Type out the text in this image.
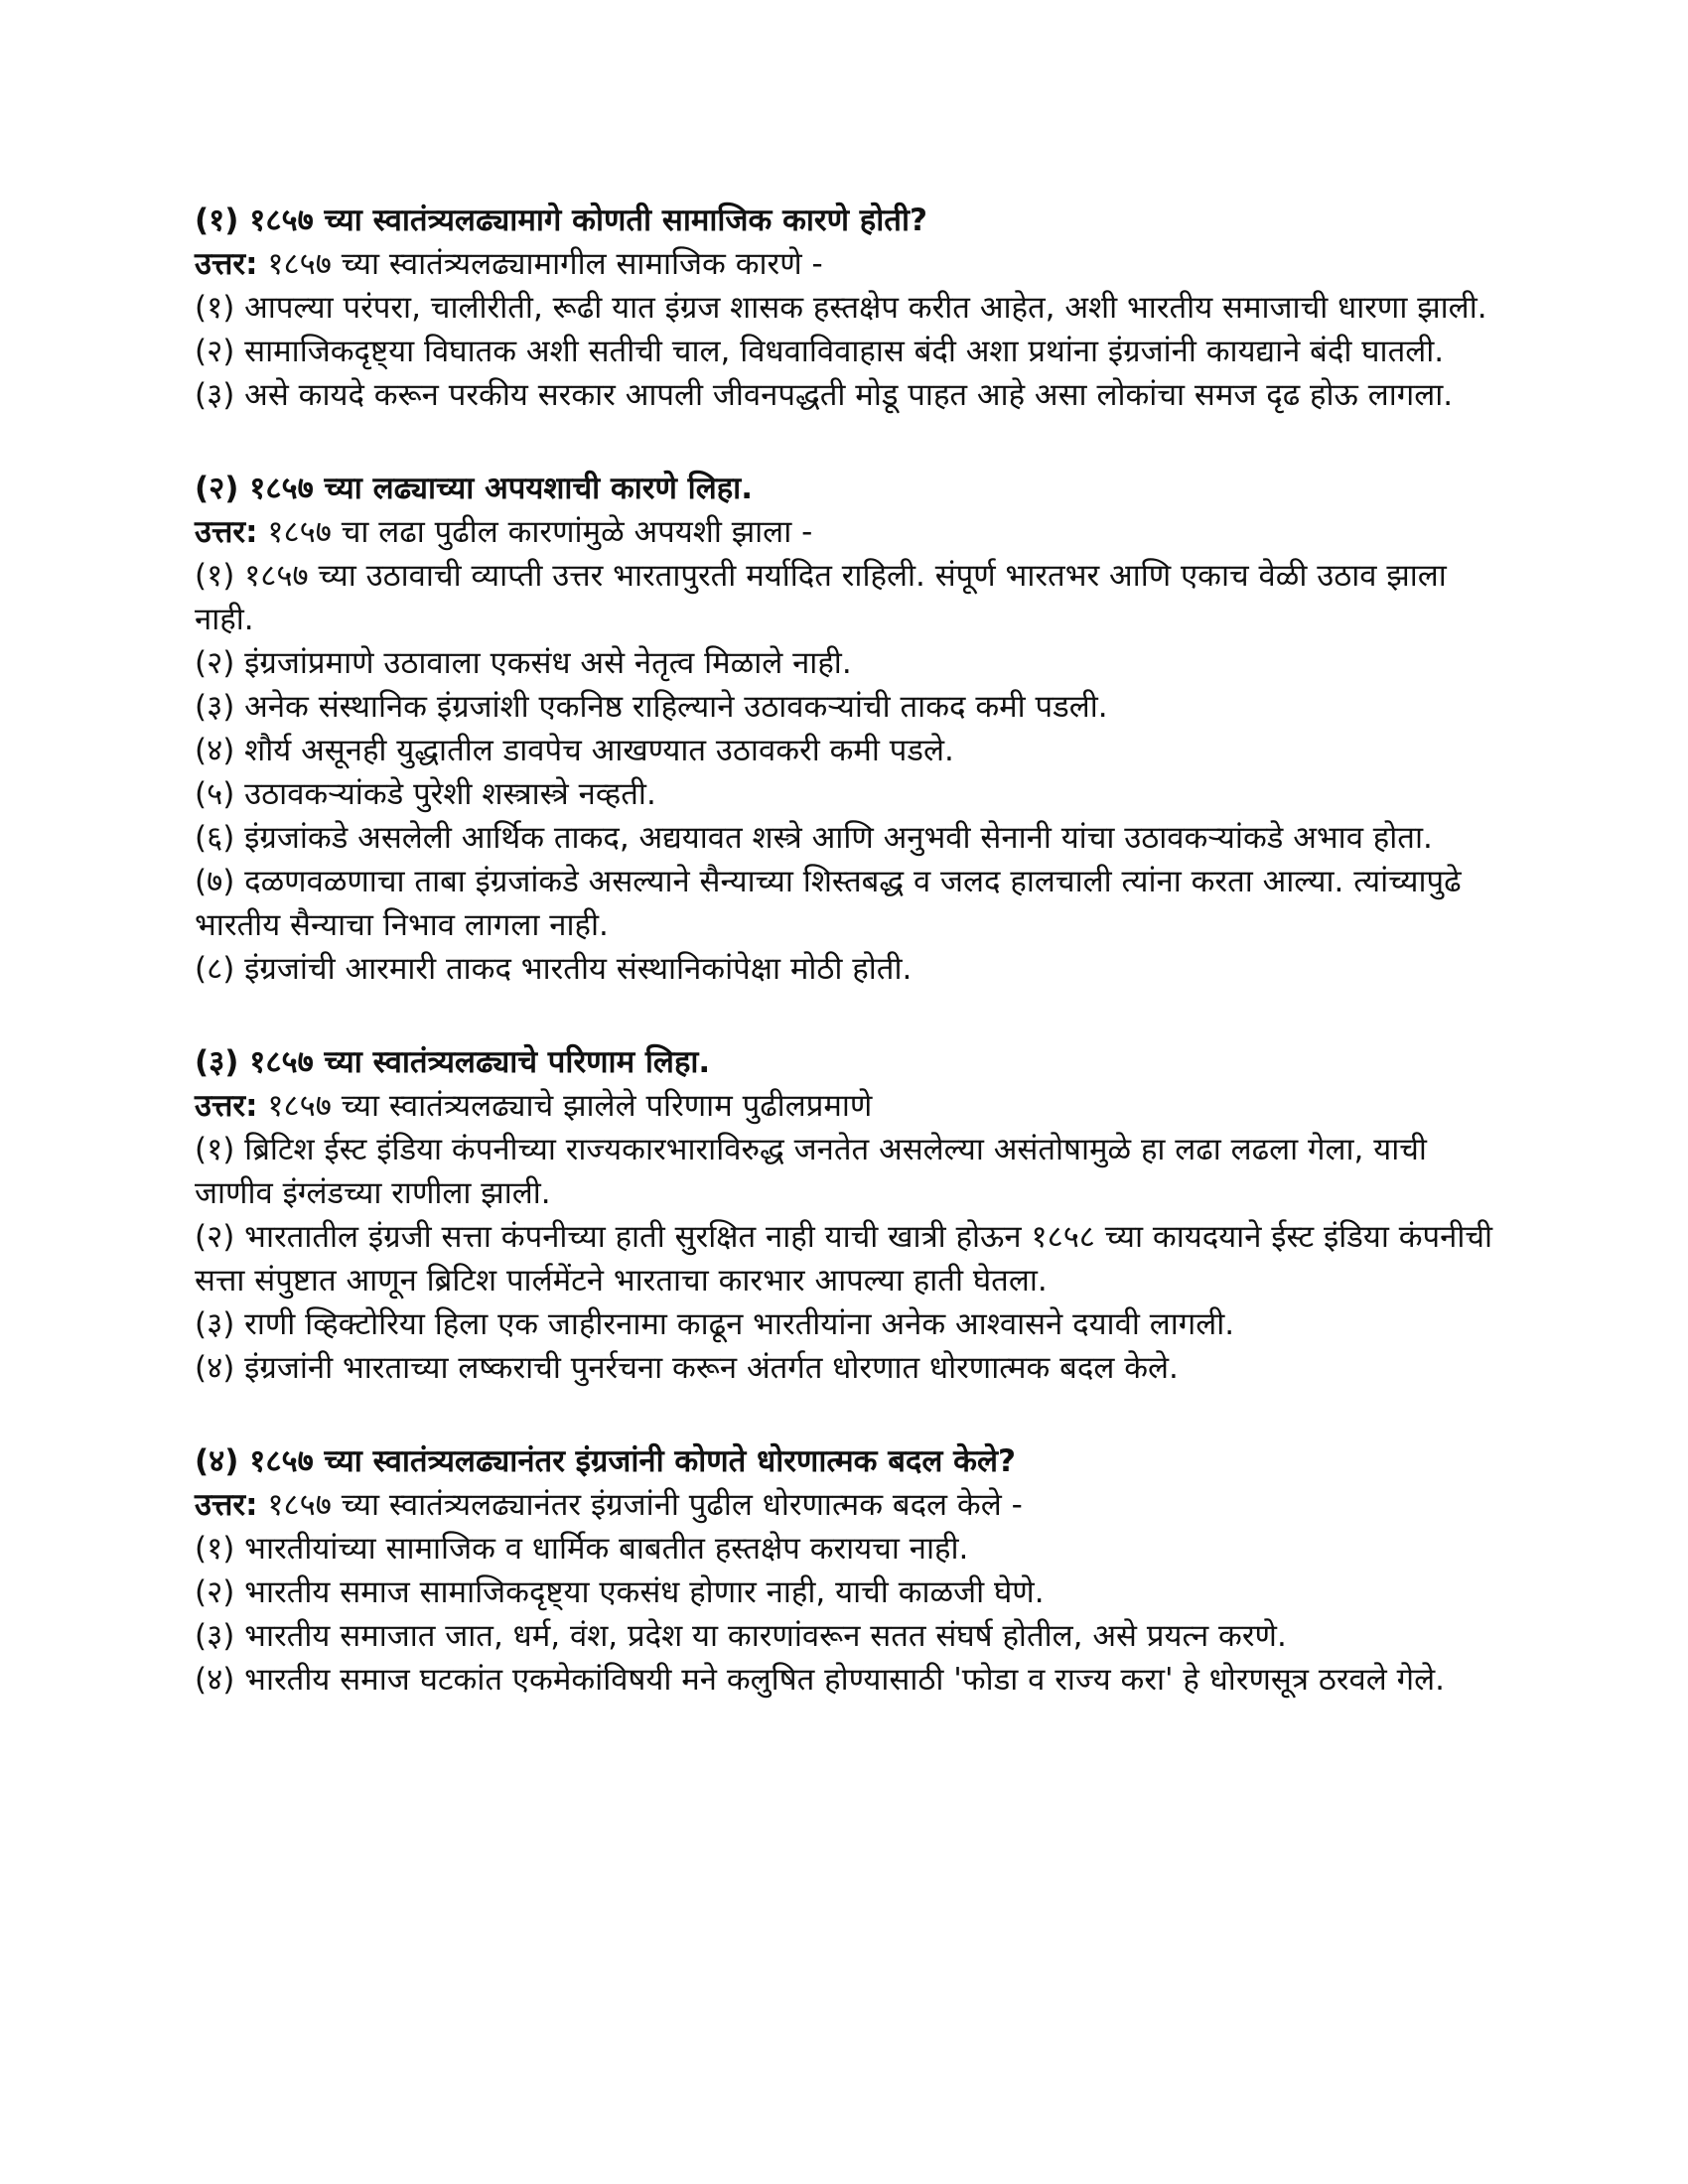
(१) १८५७ च्या स्वातंत्र्यलढ्यामागे कोणती सामाजिक कारणे होती?

उत्तर: १८५७ च्या स्वातंत्र्यलढ्यामागील सामाजिक कारणे -

(१) आपल्या परंपरा, चालीरीती, रूढी यात इंग्रज शासक हस्तक्षेप करीत आहेत, अशी भारतीय समाजाची धारणा झाली.

(२) सामाजिकदृष्ट्या विघातक अशी सतीची चाल, विधवाविवाहास बंदी अशा प्रथांना इंग्रजांनी कायद्याने बंदी घातली.

(३) असे कायदे करून परकीय सरकार आपली जीवनपद्धती मोडू पाहत आहे असा लोकांचा समज दृढ होऊ लागला.

(२) १८५७ च्या लढ्याच्या अपयशाची कारणे लिहा.

उत्तर: १८५७ चा लढा पुढील कारणांमुळे अपयशी झाला -

(१) १८५७ च्या उठावाची व्याप्ती उत्तर भारतापुरती मर्यादित राहिली. संपूर्ण भारतभर आणि एकाच वेळी उठाव झाला नाही.

(२) इंग्रजांप्रमाणे उठावाला एकसंध असे नेतृत्व मिळाले नाही.

(३) अनेक संस्थानिक इंग्रजांशी एकनिष्ठ राहिल्याने उठावकऱ्यांची ताकद कमी पडली.

(४) शौर्य असूनही युद्धातील डावपेच आखण्यात उठावकरी कमी पडले.

(५) उठावकऱ्यांकडे पुरेशी शस्त्रास्त्रे नव्हती.

(६) इंग्रजांकडे असलेली आर्थिक ताकद, अद्ययावत शस्त्रे आणि अनुभवी सेनानी यांचा उठावकऱ्यांकडे अभाव होता.

(७) दळणवळणाचा ताबा इंग्रजांकडे असल्याने सैन्याच्या शिस्तबद्ध व जलद हालचाली त्यांना करता आल्या. त्यांच्यापुढे भारतीय सैन्याचा निभाव लागला नाही.

(८) इंग्रजांची आरमारी ताकद भारतीय संस्थानिकांपेक्षा मोठी होती.

(३) १८५७ च्या स्वातंत्र्यलढ्याचे परिणाम लिहा.

उत्तर: १८५७ च्या स्वातंत्र्यलढ्याचे झालेले परिणाम पुढीलप्रमाणे

(१) ब्रिटिश ईस्ट इंडिया कंपनीच्या राज्यकारभाराविरुद्ध जनतेत असलेल्या असंतोषामुळे हा लढा लढला गेला, याची जाणीव इंग्लंडच्या राणीला झाली.

(२) भारतातील इंग्रजी सत्ता कंपनीच्या हाती सुरक्षित नाही याची खात्री होऊन १८५८ च्या कायदयाने ईस्ट इंडिया कंपनीची सत्ता संपुष्टात आणून ब्रिटिश पार्लमेंटने भारताचा कारभार आपल्या हाती घेतला.

(३) राणी व्हिक्टोरिया हिला एक जाहीरनामा काढून भारतीयांना अनेक आश्वासने दयावी लागली.

(४) इंग्रजांनी भारताच्या लष्कराची पुनर्रचना करून अंतर्गत धोरणात धोरणात्मक बदल केले.

(४) १८५७ च्या स्वातंत्र्यलढ्यानंतर इंग्रजांनी कोणते धोरणात्मक बदल केले?

उत्तर: १८५७ च्या स्वातंत्र्यलढ्यानंतर इंग्रजांनी पुढील धोरणात्मक बदल केले -

(१) भारतीयांच्या सामाजिक व धार्मिक बाबतीत हस्तक्षेप करायचा नाही.

(२) भारतीय समाज सामाजिकदृष्ट्या एकसंध होणार नाही, याची काळजी घेणे.

(३) भारतीय समाजात जात, धर्म, वंश, प्रदेश या कारणांवरून सतत संघर्ष होतील, असे प्रयत्न करणे.

(४) भारतीय समाज घटकांत एकमेकांविषयी मने कलुषित होण्यासाठी 'फोडा व राज्य करा' हे धोरणसूत्र ठरवले गेले.
